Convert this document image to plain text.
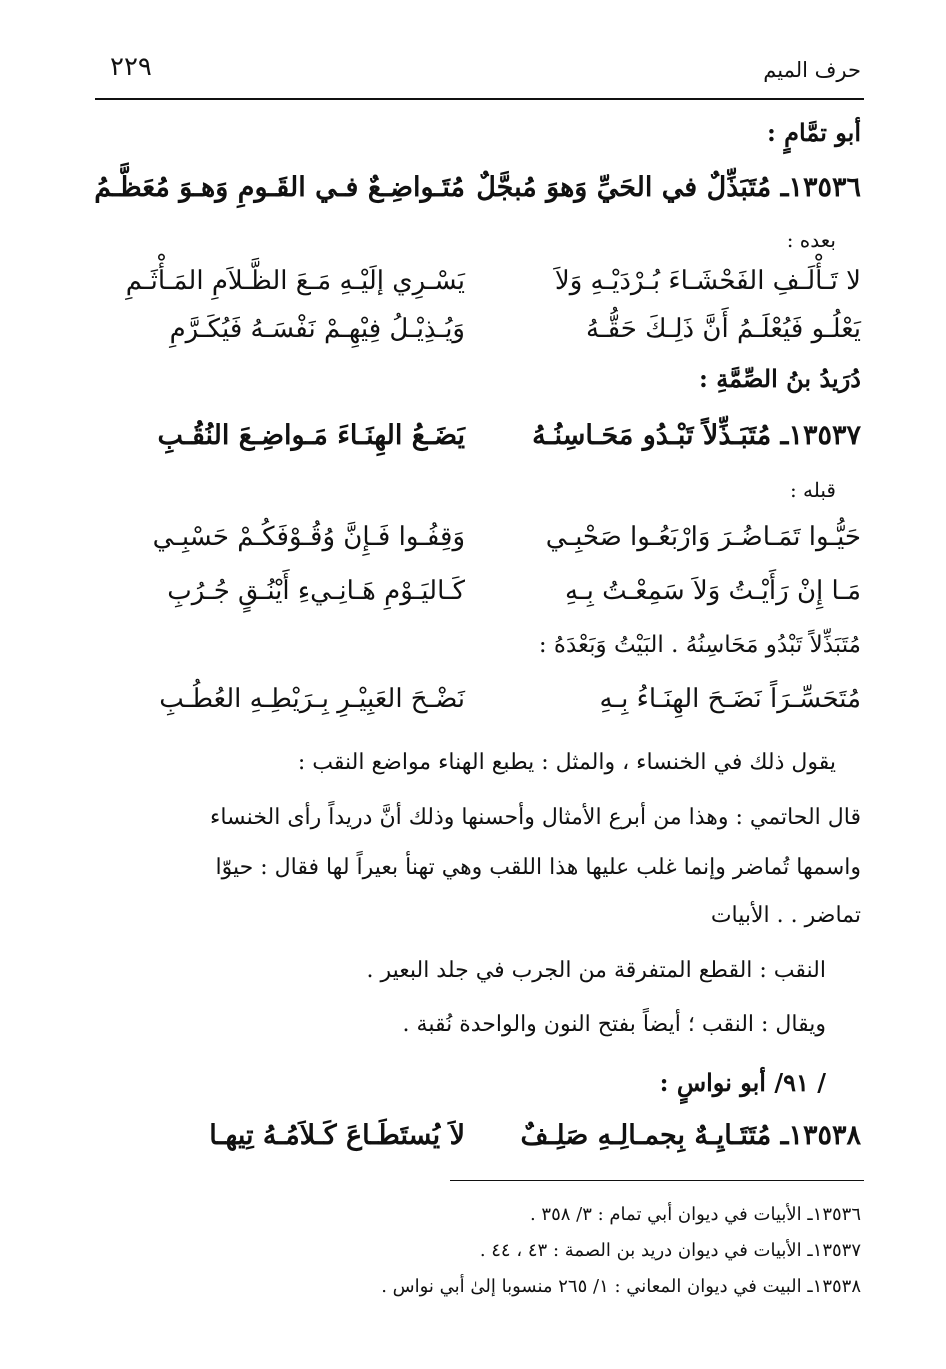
حرف الميم
٢٢٩
أبو تمَّامٍ :
١٣٥٣٦ـ مُتَبَذِّلٌ في الحَيِّ وَهوَ مُبجَّلٌ
مُتَـواضِـعٌ فـي القَـومِ وَهـوَ مُعَظَّـمُ
بعده :
لا تَـأْلَـفِ الفَحْشَـاءَ بُـرْدَيْـهِ وَلاَ
يَسْـرِي إلَيْـهِ مَـعَ الظَّـلاَمِ المَـأْثَـمِ
يَعْلُـو فَيُعْلَـمُ أَنَّ ذَلِـكَ حَقُّـهُ
وَيُـذِيْـلُ فِيْهِـمْ نَفْسَـهُ فَيُكَـرَّمِ
دُرَيدُ بنُ الصِّمَّةِ :
١٣٥٣٧ـ مُتَبَـذِّلاً تَبْـدُو مَحَـاسِنُـهُ
يَضَـعُ الهِنَـاءَ مَـواضِـعَ النُقُـبِ
قبله :
حَيُّـوا تَمَـاضُـرَ وَارْبَعُـوا صَحْبِـي
وَقِفُـوا فَـإِنَّ وُقُـوْفَكُـمْ حَسْبِـي
مَـا إِنْ رَأَيْـتُ وَلاَ سَمِعْـتُ بِـهِ
كَـاليَـوْمِ هَـانِـيءِ أَيْنُـقٍ جُـرُبِ
مُتَبَذِّلاً تَبْدُو مَحَاسِنُهُ . البَيْتُ وَبَعْدَهُ :
مُتَحَسِّـرَاً نَضَـحَ الهِنَـاءُ بِـهِ
نَضْـحَ العَبِيْـرِ بِـرَيْطِـهِ العُطُـبِ
يقول ذلك في الخنساء ، والمثل : يطبع الهناء مواضع النقب :
قال الحاتمي : وهذا من أبرع الأمثال وأحسنها وذلك أنَّ دريداً رأى الخنساء
واسمها تُماضر وإنما غلب عليها هذا اللقب وهي تهنأ بعيراً لها فقال : حيوّا
تماضر . . الأبيات
النقب : القطع المتفرقة من الجرب في جلد البعير .
ويقال : النقب ؛ أيضاً بفتح النون والواحدة نُقبة .
/ ٩١/ أبو نواسٍ :
١٣٥٣٨ـ مُتَتَـايِـهٌ بِجمـالِـهِ صَلِـفٌ
لاَ يُستَطَـاعَ كَـلاَمُـهُ تِيهـا
١٣٥٣٦ـ الأبيات في ديوان أبي تمام : ٣/ ٣٥٨ .
١٣٥٣٧ـ الأبيات في ديوان دريد بن الصمة : ٤٣ ، ٤٤ .
١٣٥٣٨ـ البيت في ديوان المعاني : ١/ ٢٦٥ منسوبا إلىٰ أبي نواس .
